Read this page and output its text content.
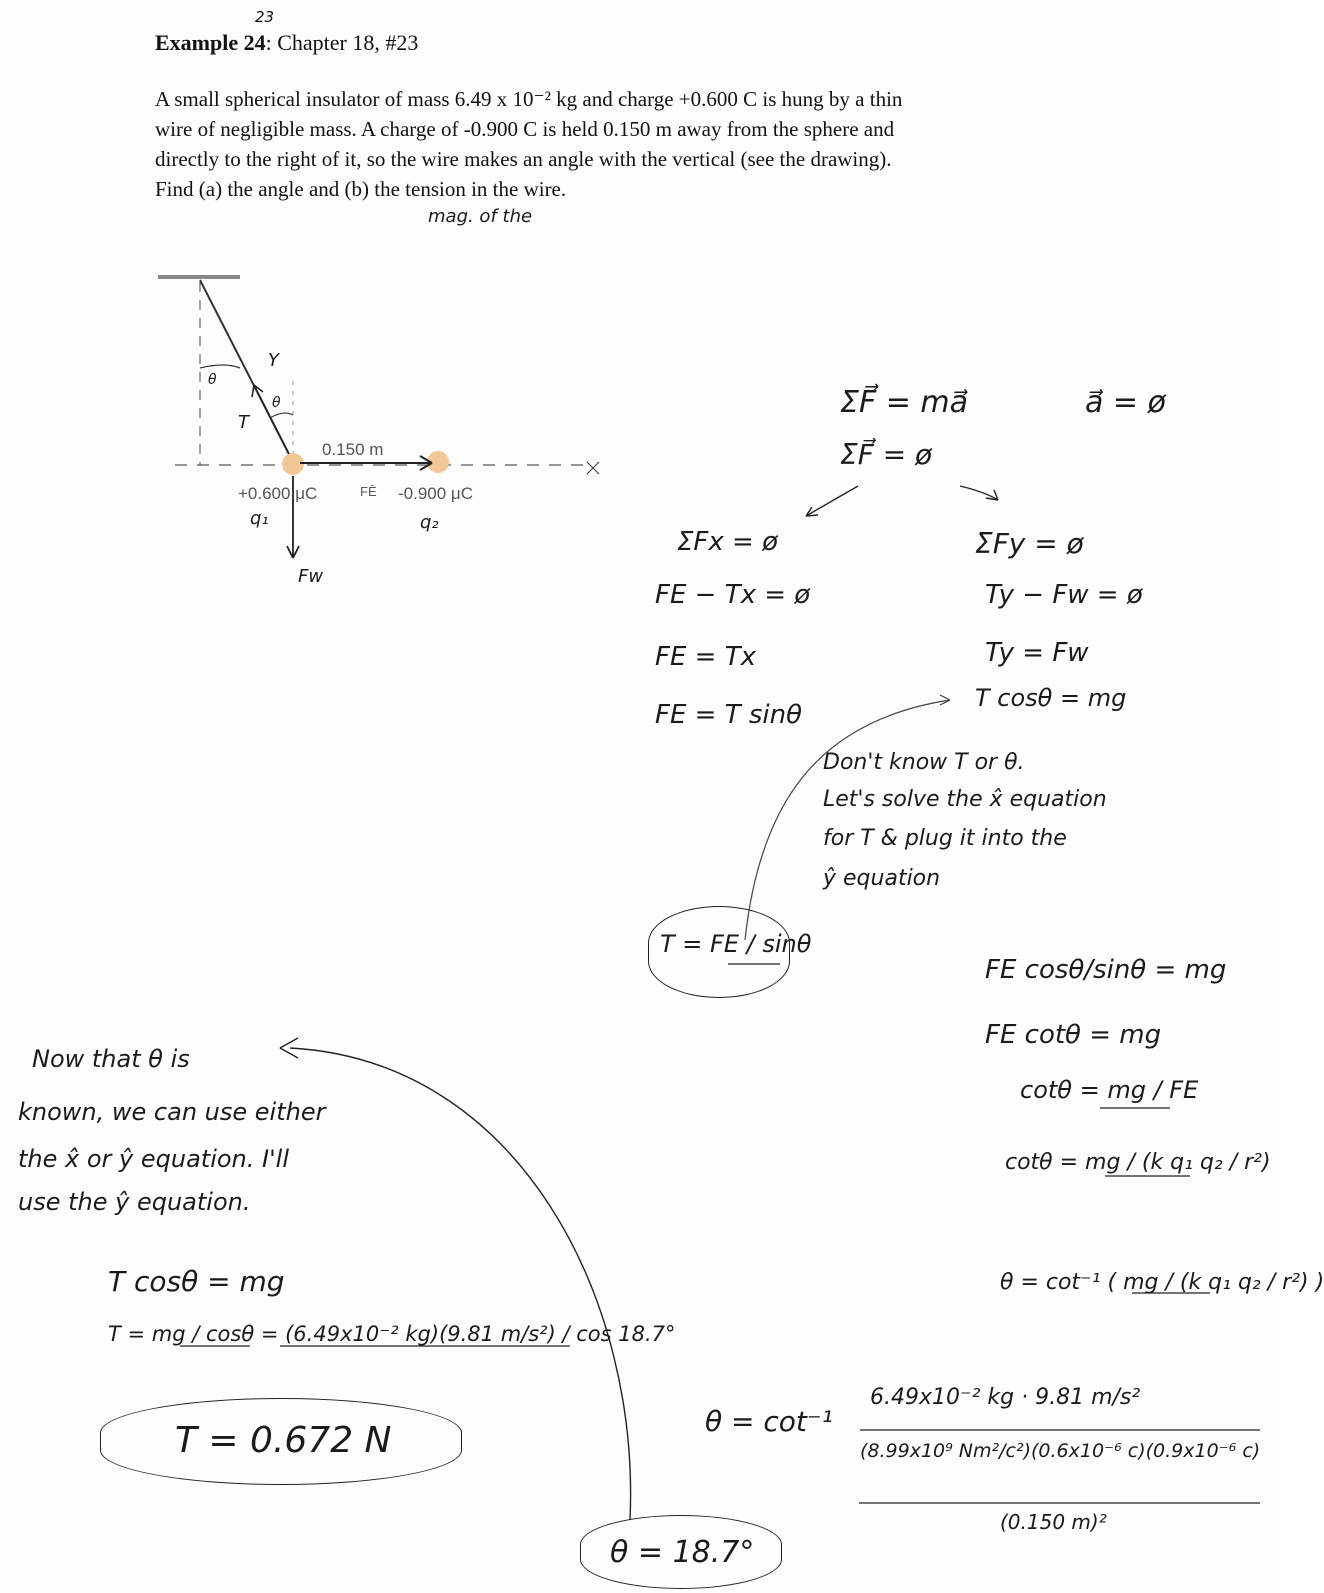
23
Example 24: Chapter 18, #23

A small spherical insulator of mass 6.49 x 10⁻² kg and charge +0.600 C is hung by a thin

wire of negligible mass. A charge of -0.900 C is held 0.150 m away from the sphere and

directly to the right of it, so the wire makes an angle with the vertical (see the drawing).

Find (a) the angle and (b) the tension in the wire.

mag. of the
θ
θ
Y
T
0.150 m
+0.600 μC	FĒ -0.900 μC
q₁	q₂
Fw
ΣF⃗ = ma⃗	a⃗ = ø
ΣF⃗ = ø
ΣFx = ø
FE − Tx = ø
FE = Tx
FE = T sinθ
ΣFy = ø
Ty − Fw = ø
Ty = Fw
T cosθ = mg
Don't know T or θ.
Let's solve the x̂ equation
for T & plug it into the
ŷ equation
T = FE / sinθ
FE cosθ/sinθ = mg
FE cotθ = mg
cotθ = mg / FE
cotθ = mg / (k q₁ q₂ / r²)
θ = cot⁻¹ ( mg / (k q₁ q₂ / r²) )
θ = cot⁻¹
6.49x10⁻² kg · 9.81 m/s²
(8.99x10⁹ Nm²/c²)(0.6x10⁻⁶ c)(0.9x10⁻⁶ c)
(0.150 m)²
θ = 18.7°
Now that θ is
known, we can use either
the x̂ or ŷ equation. I'll
use the ŷ equation.
T cosθ = mg
T = mg / cosθ = (6.49x10⁻² kg)(9.81 m/s²) / cos 18.7°
T = 0.672 N
